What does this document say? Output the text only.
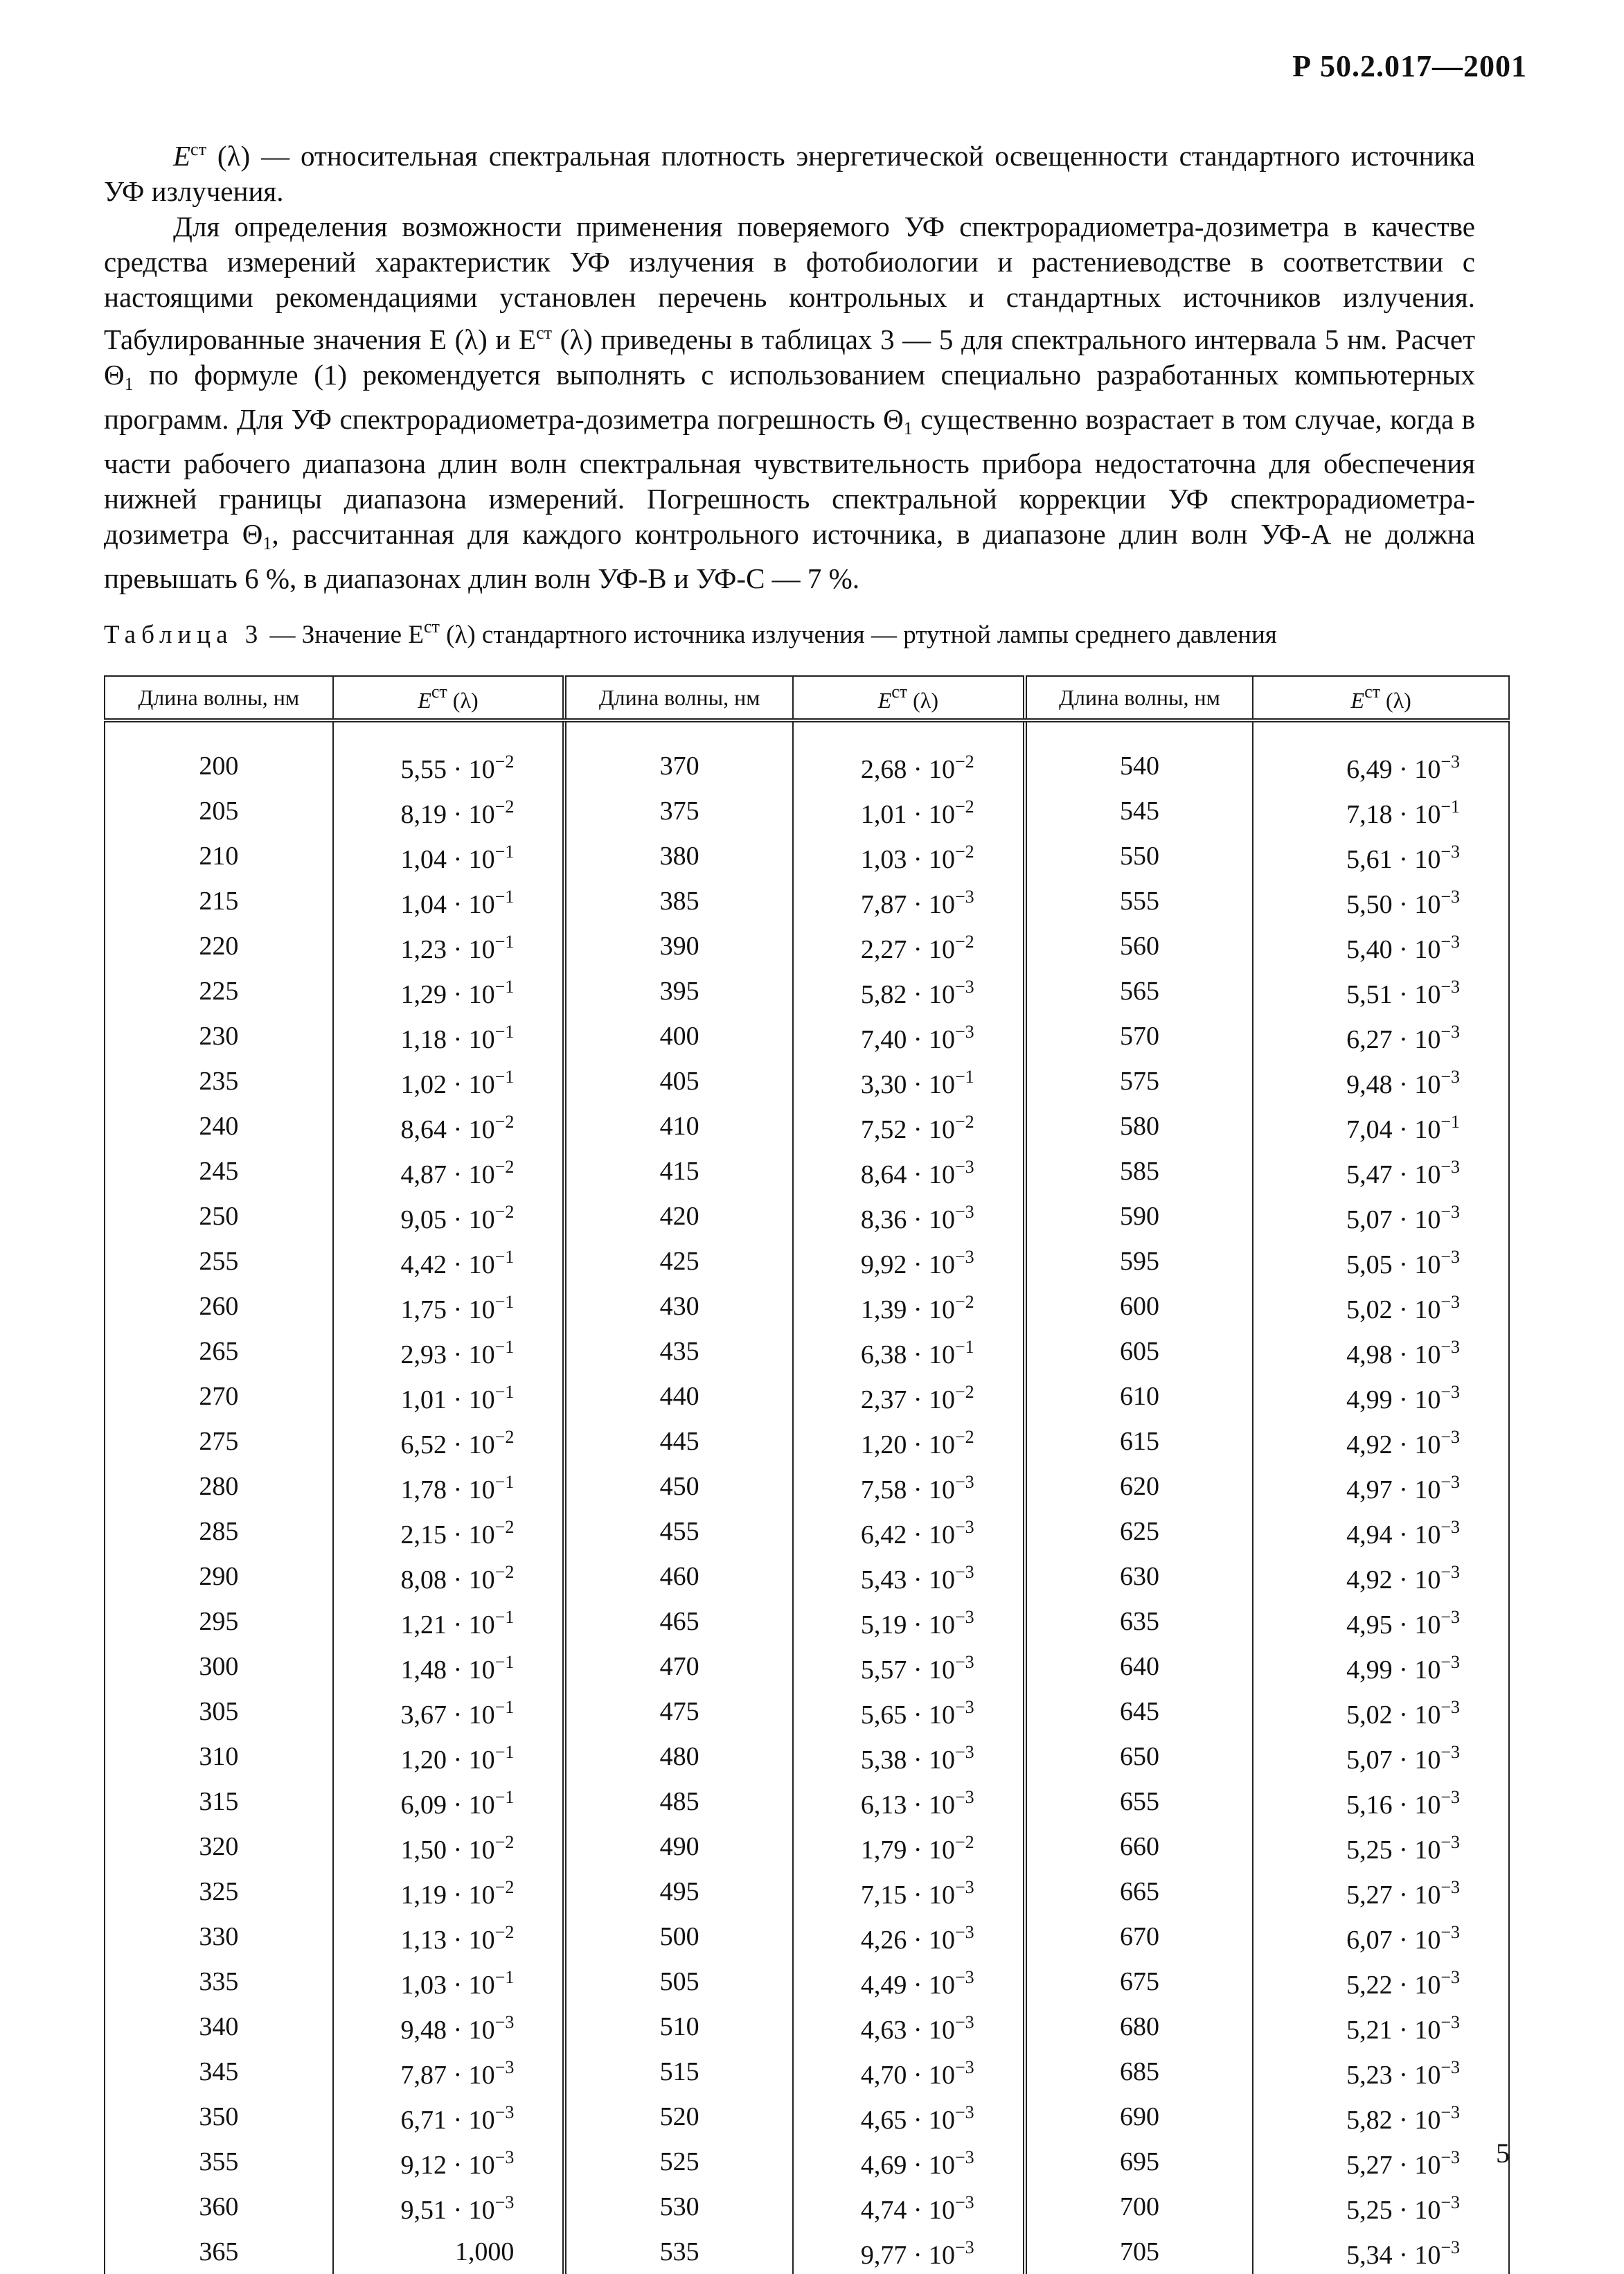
Р 50.2.017—2001

$E^{ст}$ (λ) — относительная спектральная плотность энергетической освещенности стандартного источника УФ излучения.

Для определения возможности применения поверяемого УФ спектрорадиометра-дозиметра в качестве средства измерений характеристик УФ излучения в фотобиологии и растениеводстве в соответствии с настоящими рекомендациями установлен перечень контрольных и стандартных источников излучения. Табулированные значения E (λ) и $E^{ст}$ (λ) приведены в таблицах 3 — 5 для спектрального интервала 5 нм. Расчет $\Theta_1$ по формуле (1) рекомендуется выполнять с использованием специально разработанных компьютерных программ. Для УФ спектрорадиометра-дозиметра погрешность $\Theta_1$ существенно возрастает в том случае, когда в части рабочего диапазона длин волн спектральная чувствительность прибора недостаточна для обеспечения нижней границы диапазона измерений. Погрешность спектральной коррекции УФ спектрорадиометра-дозиметра $\Theta_1$, рассчитанная для каждого контрольного источника, в диапазоне длин волн УФ-А не должна превышать 6 %, в диапазонах длин волн УФ-В и УФ-С — 7 %.

Таблица 3 — Значение $E^{ст}$ (λ) стандартного источника излучения — ртутной лампы среднего давления
Длина волны, нм	$E^{ст}$ (λ)	Длина волны, нм	$E^{ст}$ (λ)	Длина волны, нм	$E^{ст}$ (λ)

200	$5,55 \cdot 10^{-2}$	370	$2,68 \cdot 10^{-2}$	540	$6,49 \cdot 10^{-3}$
205	$8,19 \cdot 10^{-2}$	375	$1,01 \cdot 10^{-2}$	545	$7,18 \cdot 10^{-1}$
210	$1,04 \cdot 10^{-1}$	380	$1,03 \cdot 10^{-2}$	550	$5,61 \cdot 10^{-3}$
215	$1,04 \cdot 10^{-1}$	385	$7,87 \cdot 10^{-3}$	555	$5,50 \cdot 10^{-3}$
220	$1,23 \cdot 10^{-1}$	390	$2,27 \cdot 10^{-2}$	560	$5,40 \cdot 10^{-3}$
225	$1,29 \cdot 10^{-1}$	395	$5,82 \cdot 10^{-3}$	565	$5,51 \cdot 10^{-3}$
230	$1,18 \cdot 10^{-1}$	400	$7,40 \cdot 10^{-3}$	570	$6,27 \cdot 10^{-3}$
235	$1,02 \cdot 10^{-1}$	405	$3,30 \cdot 10^{-1}$	575	$9,48 \cdot 10^{-3}$
240	$8,64 \cdot 10^{-2}$	410	$7,52 \cdot 10^{-2}$	580	$7,04 \cdot 10^{-1}$
245	$4,87 \cdot 10^{-2}$	415	$8,64 \cdot 10^{-3}$	585	$5,47 \cdot 10^{-3}$
250	$9,05 \cdot 10^{-2}$	420	$8,36 \cdot 10^{-3}$	590	$5,07 \cdot 10^{-3}$
255	$4,42 \cdot 10^{-1}$	425	$9,92 \cdot 10^{-3}$	595	$5,05 \cdot 10^{-3}$
260	$1,75 \cdot 10^{-1}$	430	$1,39 \cdot 10^{-2}$	600	$5,02 \cdot 10^{-3}$
265	$2,93 \cdot 10^{-1}$	435	$6,38 \cdot 10^{-1}$	605	$4,98 \cdot 10^{-3}$
270	$1,01 \cdot 10^{-1}$	440	$2,37 \cdot 10^{-2}$	610	$4,99 \cdot 10^{-3}$
275	$6,52 \cdot 10^{-2}$	445	$1,20 \cdot 10^{-2}$	615	$4,92 \cdot 10^{-3}$
280	$1,78 \cdot 10^{-1}$	450	$7,58 \cdot 10^{-3}$	620	$4,97 \cdot 10^{-3}$
285	$2,15 \cdot 10^{-2}$	455	$6,42 \cdot 10^{-3}$	625	$4,94 \cdot 10^{-3}$
290	$8,08 \cdot 10^{-2}$	460	$5,43 \cdot 10^{-3}$	630	$4,92 \cdot 10^{-3}$
295	$1,21 \cdot 10^{-1}$	465	$5,19 \cdot 10^{-3}$	635	$4,95 \cdot 10^{-3}$
300	$1,48 \cdot 10^{-1}$	470	$5,57 \cdot 10^{-3}$	640	$4,99 \cdot 10^{-3}$
305	$3,67 \cdot 10^{-1}$	475	$5,65 \cdot 10^{-3}$	645	$5,02 \cdot 10^{-3}$
310	$1,20 \cdot 10^{-1}$	480	$5,38 \cdot 10^{-3}$	650	$5,07 \cdot 10^{-3}$
315	$6,09 \cdot 10^{-1}$	485	$6,13 \cdot 10^{-3}$	655	$5,16 \cdot 10^{-3}$
320	$1,50 \cdot 10^{-2}$	490	$1,79 \cdot 10^{-2}$	660	$5,25 \cdot 10^{-3}$
325	$1,19 \cdot 10^{-2}$	495	$7,15 \cdot 10^{-3}$	665	$5,27 \cdot 10^{-3}$
330	$1,13 \cdot 10^{-2}$	500	$4,26 \cdot 10^{-3}$	670	$6,07 \cdot 10^{-3}$
335	$1,03 \cdot 10^{-1}$	505	$4,49 \cdot 10^{-3}$	675	$5,22 \cdot 10^{-3}$
340	$9,48 \cdot 10^{-3}$	510	$4,63 \cdot 10^{-3}$	680	$5,21 \cdot 10^{-3}$
345	$7,87 \cdot 10^{-3}$	515	$4,70 \cdot 10^{-3}$	685	$5,23 \cdot 10^{-3}$
350	$6,71 \cdot 10^{-3}$	520	$4,65 \cdot 10^{-3}$	690	$5,82 \cdot 10^{-3}$
355	$9,12 \cdot 10^{-3}$	525	$4,69 \cdot 10^{-3}$	695	$5,27 \cdot 10^{-3}$
360	$9,51 \cdot 10^{-3}$	530	$4,74 \cdot 10^{-3}$	700	$5,25 \cdot 10^{-3}$
365	1,000	535	$9,77 \cdot 10^{-3}$	705	$5,34 \cdot 10^{-3}$
5
